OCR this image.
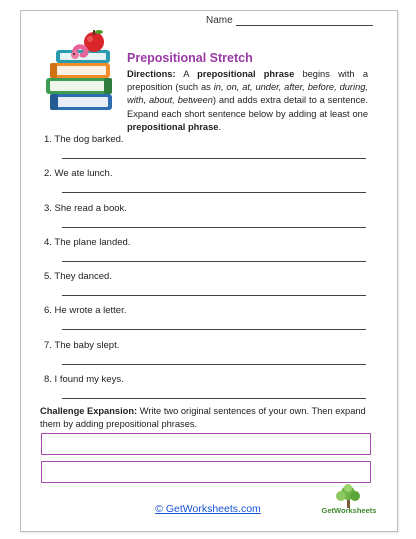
Name
Prepositional Stretch
Directions: A prepositional phrase begins with a preposition (such as in, on, at, under, after, before, during, with, about, between) and adds extra detail to a sentence. Expand each short sentence below by adding at least one prepositional phrase.
1. The dog barked.
2. We ate lunch.
3. She read a book.
4. The plane landed.
5. They danced.
6. He wrote a letter.
7. The baby slept.
8. I found my keys.
Challenge Expansion: Write two original sentences of your own. Then expand them by adding prepositional phrases.
© GetWorksheets.com	GetWorksheets
